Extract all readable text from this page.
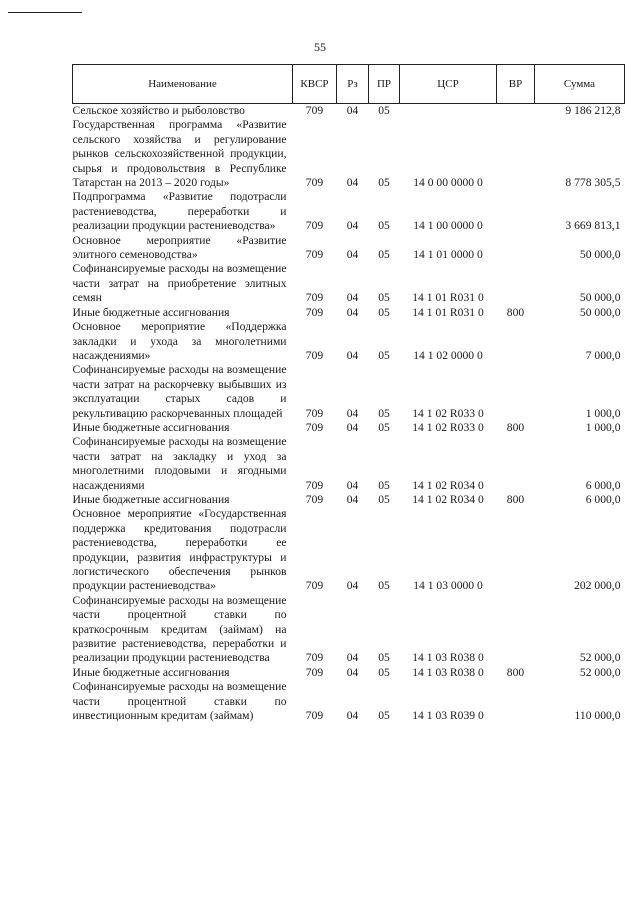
55
Наименование	КВСР	Рз	ПР	ЦСР	ВР	Сумма
Сельское хозяйство и рыболовство	709	04	05			9 186 212,8
Государственная программа «Развитие сельского хозяйства и регулирование рынков сельскохозяйственной продукции, сырья и продовольствия в Республике Татарстан на 2013 – 2020 годы»	709	04	05	14 0 00 0000 0		8 778 305,5
Подпрограмма «Развитие подотрасли растениеводства, переработки и реализации продукции растениеводства»	709	04	05	14 1 00 0000 0		3 669 813,1
Основное мероприятие «Развитие элитного семеноводства»	709	04	05	14 1 01 0000 0		50 000,0
Софинансируемые расходы на возмещение части затрат на приобретение элитных семян	709	04	05	14 1 01 R031 0		50 000,0
Иные бюджетные ассигнования	709	04	05	14 1 01 R031 0	800	50 000,0
Основное мероприятие «Поддержка закладки и ухода за многолетними насаждениями»	709	04	05	14 1 02 0000 0		7 000,0
Софинансируемые расходы на возмещение части затрат на раскорчевку выбывших из эксплуатации старых садов и рекультивацию раскорчеванных площадей	709	04	05	14 1 02 R033 0		1 000,0
Иные бюджетные ассигнования	709	04	05	14 1 02 R033 0	800	1 000,0
Софинансируемые расходы на возмещение части затрат на закладку и уход за многолетними плодовыми и ягодными насаждениями	709	04	05	14 1 02 R034 0		6 000,0
Иные бюджетные ассигнования	709	04	05	14 1 02 R034 0	800	6 000,0
Основное мероприятие «Государственная поддержка кредитования подотрасли растениеводства, переработки ее продукции, развития инфраструктуры и логистического обеспечения рынков продукции растениеводства»	709	04	05	14 1 03 0000 0		202 000,0
Софинансируемые расходы на возмещение части процентной ставки по краткосрочным кредитам (займам) на развитие растениеводства, переработки и реализации продукции растениеводства	709	04	05	14 1 03 R038 0		52 000,0
Иные бюджетные ассигнования	709	04	05	14 1 03 R038 0	800	52 000,0
Софинансируемые расходы на возмещение части процентной ставки по инвестиционным кредитам (займам)	709	04	05	14 1 03 R039 0		110 000,0
